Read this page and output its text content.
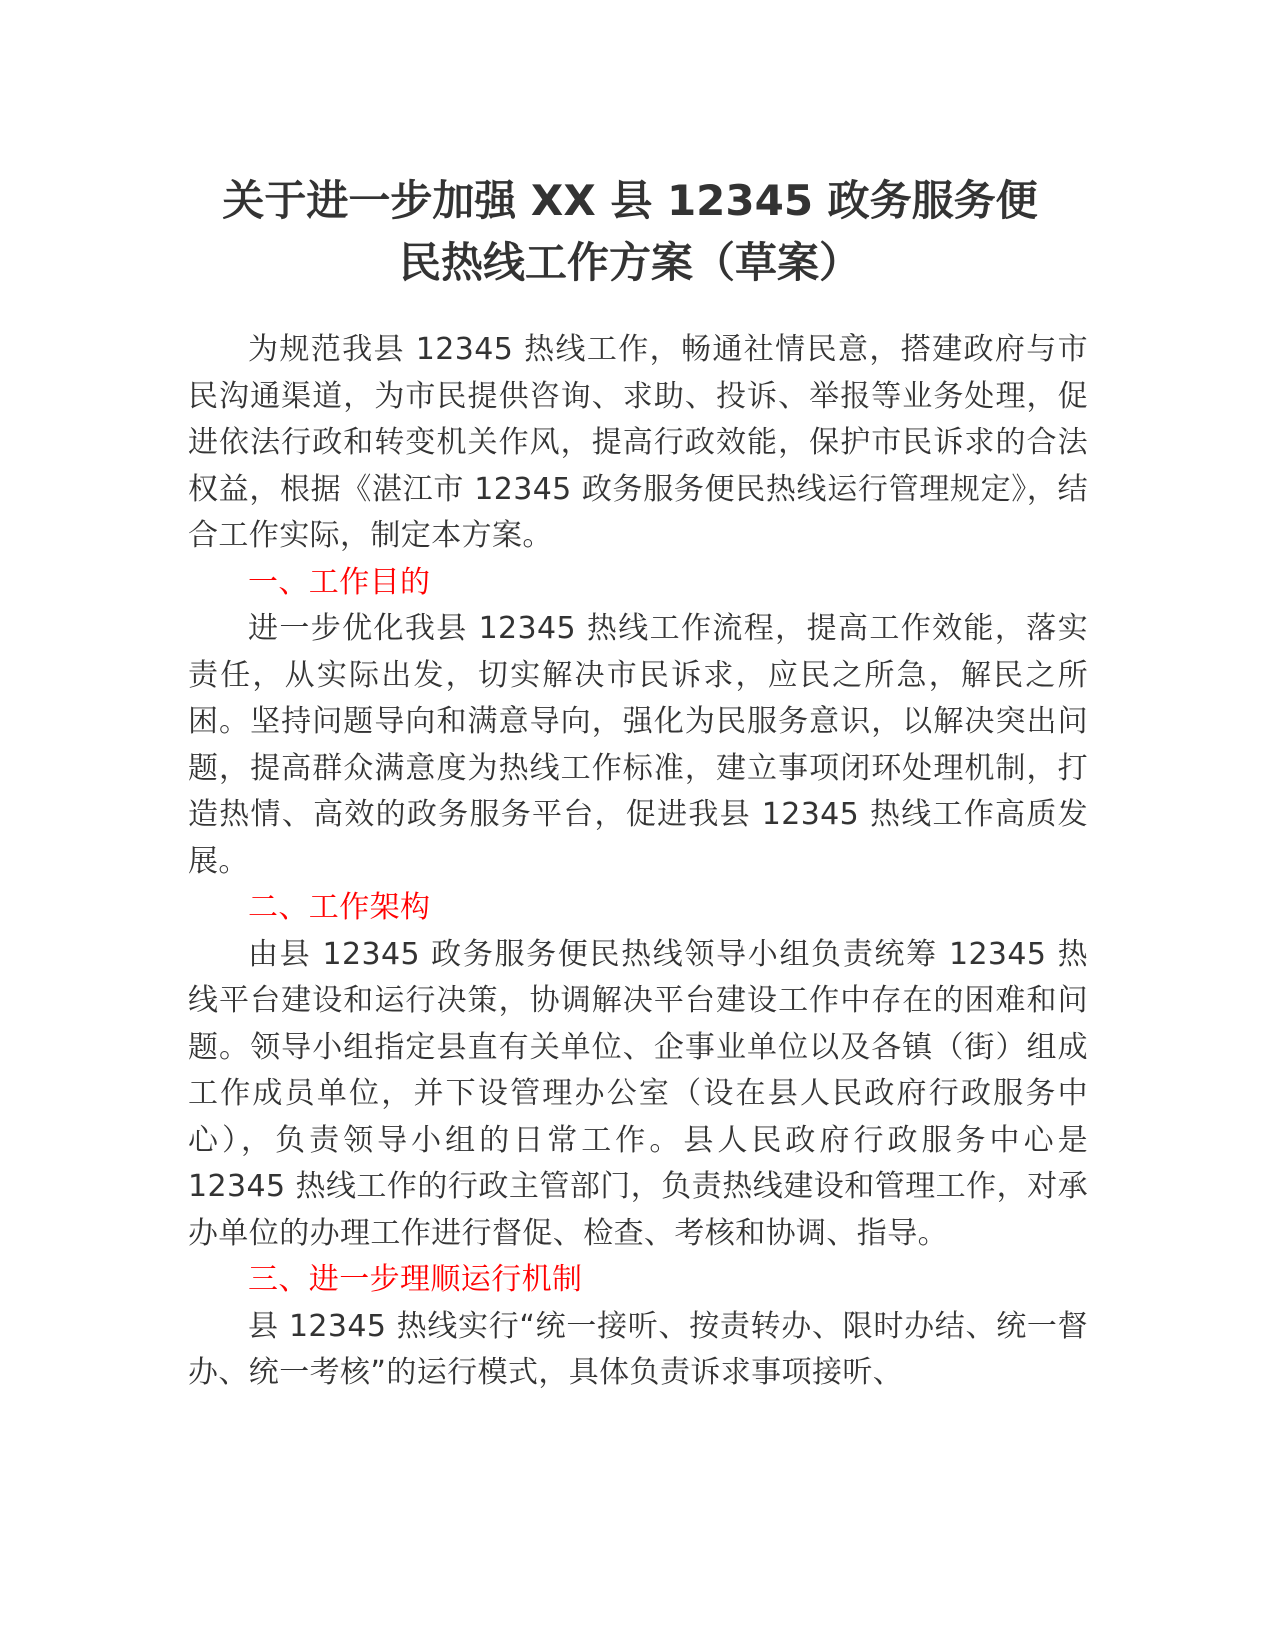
关于进一步加强 XX 县 12345 政务服务便
民热线工作方案（草案）

为规范我县 12345 热线工作，畅通社情民意，搭建政府与市民沟通渠道，为市民提供咨询、求助、投诉、举报等业务处理，促进依法行政和转变机关作风，提高行政效能，保护市民诉求的合法权益，根据《湛江市 12345 政务服务便民热线运行管理规定》，结合工作实际，制定本方案。

一、工作目的

进一步优化我县 12345 热线工作流程，提高工作效能，落实责任，从实际出发，切实解决市民诉求，应民之所急，解民之所困。坚持问题导向和满意导向，强化为民服务意识，以解决突出问题，提高群众满意度为热线工作标准，建立事项闭环处理机制，打造热情、高效的政务服务平台，促进我县 12345 热线工作高质发展。

二、工作架构

由县 12345 政务服务便民热线领导小组负责统筹 12345 热线平台建设和运行决策，协调解决平台建设工作中存在的困难和问题。领导小组指定县直有关单位、企事业单位以及各镇（街）组成工作成员单位，并下设管理办公室（设在县人民政府行政服务中心），负责领导小组的日常工作。县人民政府行政服务中心是 12345 热线工作的行政主管部门，负责热线建设和管理工作，对承办单位的办理工作进行督促、检查、考核和协调、指导。

三、进一步理顺运行机制

县 12345 热线实行“统一接听、按责转办、限时办结、统一督办、统一考核”的运行模式，具体负责诉求事项接听、
